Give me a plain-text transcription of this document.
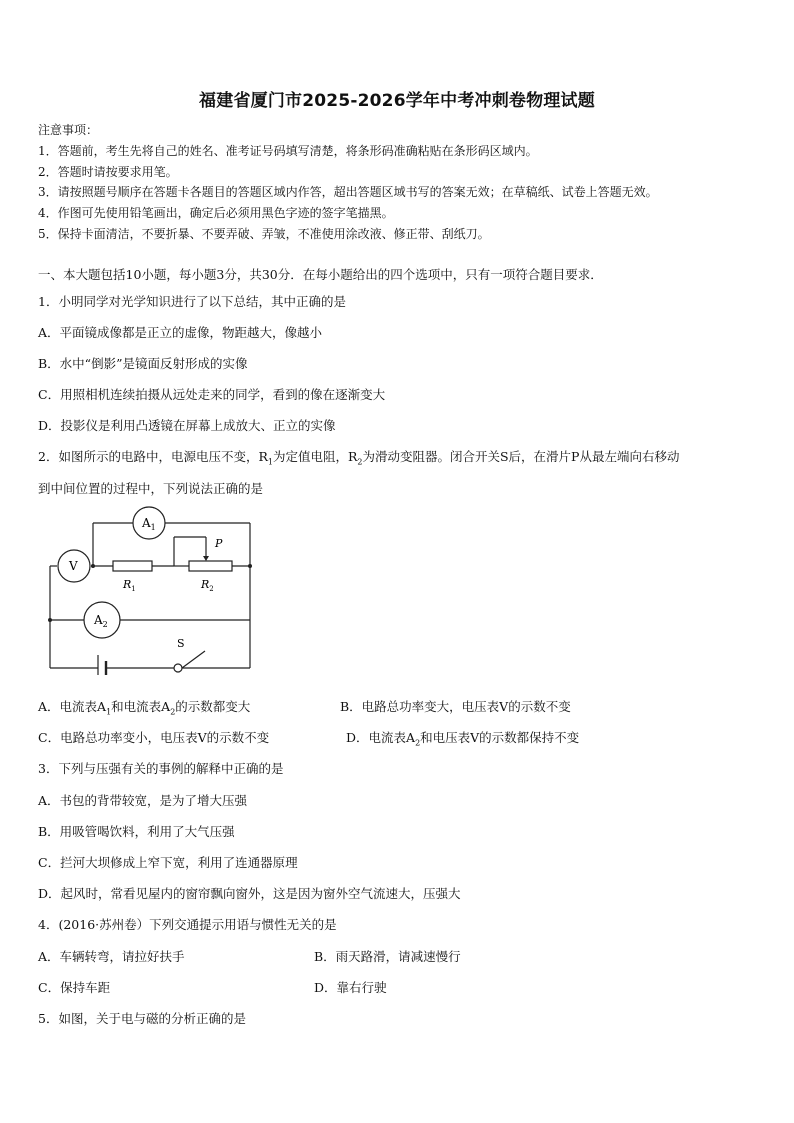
福建省厦门市2025-2026学年中考冲刺卷物理试题
注意事项：
1．答题前，考生先将自己的姓名、准考证号码填写清楚，将条形码准确粘贴在条形码区域内。
2．答题时请按要求用笔。
3．请按照题号顺序在答题卡各题目的答题区域内作答，超出答题区域书写的答案无效；在草稿纸、试卷上答题无效。
4．作图可先使用铅笔画出，确定后必须用黑色字迹的签字笔描黑。
5．保持卡面清洁，不要折暴、不要弄破、弄皱，不准使用涂改液、修正带、刮纸刀。
一、本大题包括10小题，每小题3分，共30分．在每小题给出的四个选项中，只有一项符合题目要求．
1．小明同学对光学知识进行了以下总结，其中正确的是
A．平面镜成像都是正立的虚像，物距越大，像越小
B．水中“倒影”是镜面反射形成的实像
C．用照相机连续拍摄从远处走来的同学，看到的像在逐渐变大
D．投影仪是利用凸透镜在屏幕上成放大、正立的实像
2．如图所示的电路中，电源电压不变，$R_1$为定值电阻，$R_2$为滑动变阻器。闭合开关S后，在滑片P从最左端向右移动
到中间位置的过程中，下列说法正确的是
$A_1$
V
$R_1$
P
$R_2$
$A_2$
S
A．电流表$A_1$和电流表$A_2$的示数都变大	B．电路总功率变大，电压表V的示数不变
C．电路总功率变小，电压表V的示数不变	D．电流表$A_2$和电压表V的示数都保持不变
3．下列与压强有关的事例的解释中正确的是
A．书包的背带较宽，是为了增大压强
B．用吸管喝饮料，利用了大气压强
C．拦河大坝修成上窄下宽，利用了连通器原理
D．起风时，常看见屋内的窗帘飘向窗外，这是因为窗外空气流速大，压强大
4．(2016·苏州卷）下列交通提示用语与惯性无关的是
A．车辆转弯，请拉好扶手	B．雨天路滑，请减速慢行
C．保持车距	D．靠右行驶
5．如图，关于电与磁的分析正确的是
